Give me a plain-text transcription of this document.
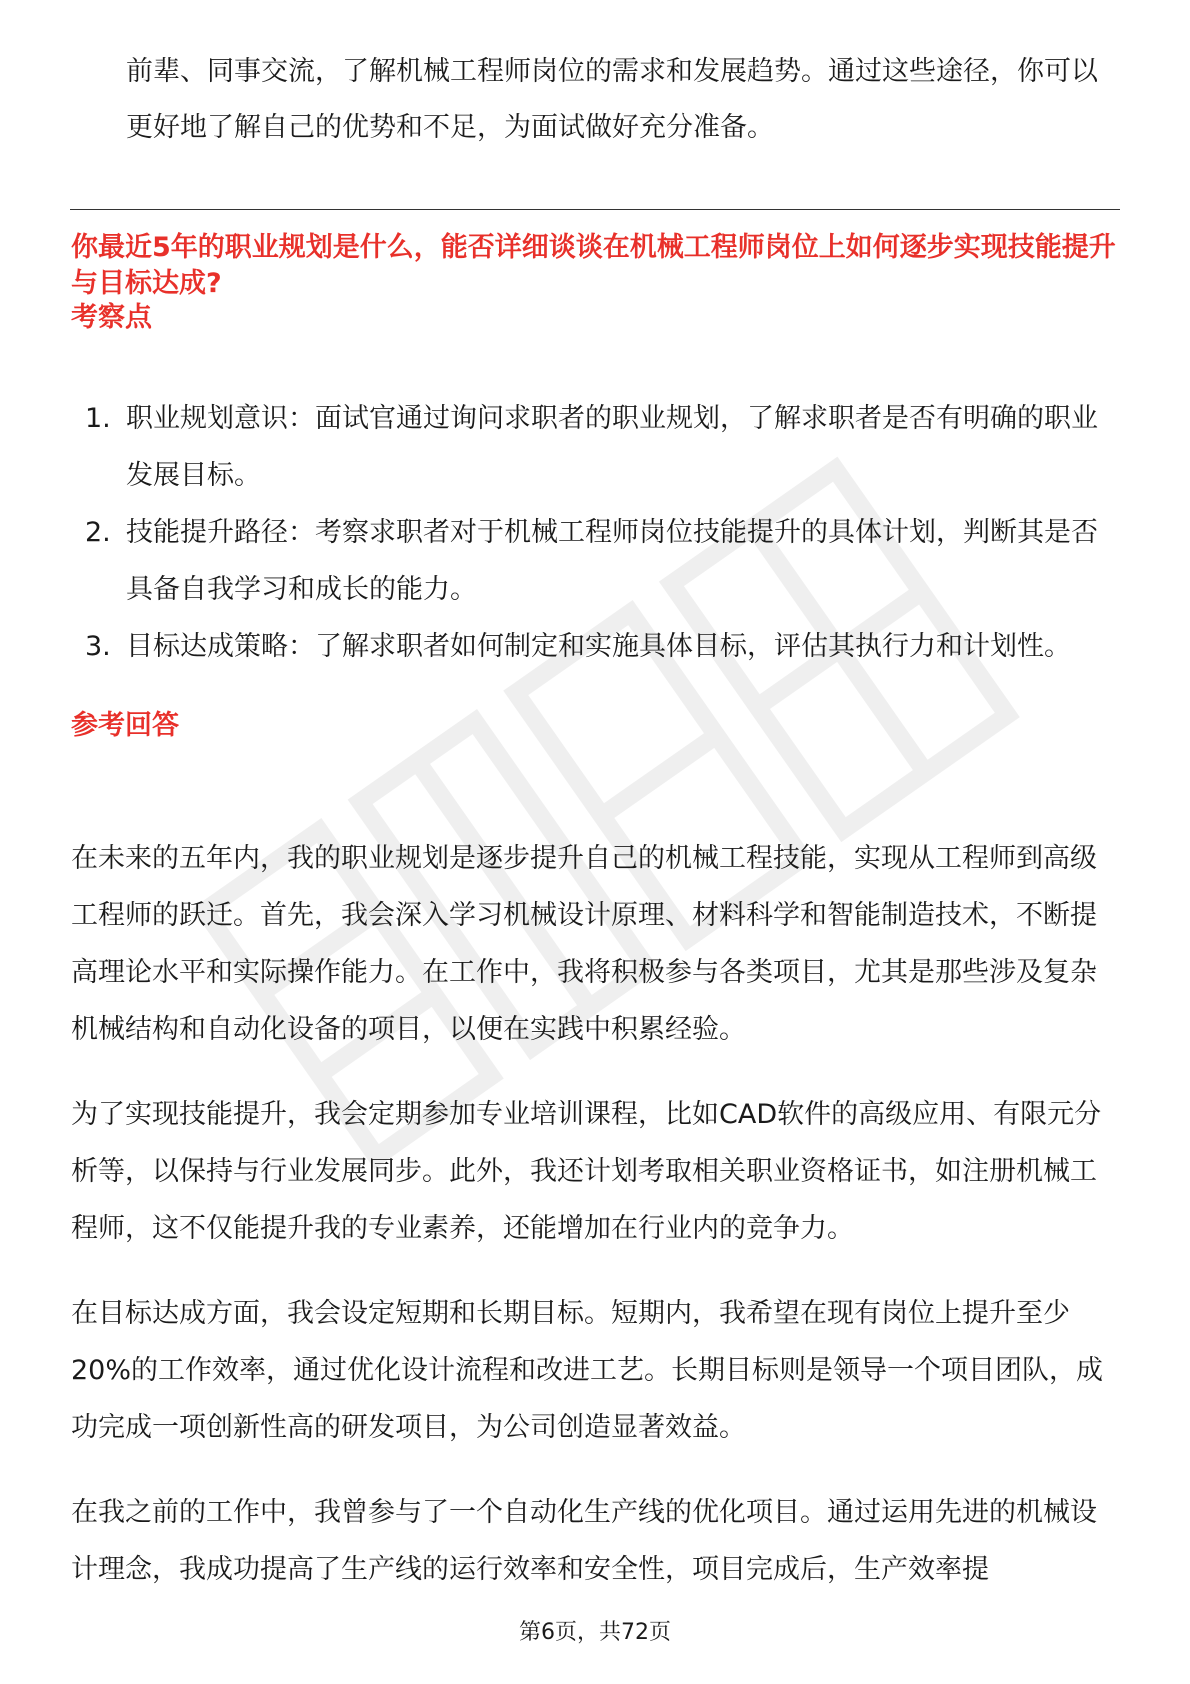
前辈、同事交流，了解机械工程师岗位的需求和发展趋势。通过这些途径，你可以更好地了解自己的优势和不足，为面试做好充分准备。

你最近5年的职业规划是什么，能否详细谈谈在机械工程师岗位上如何逐步实现技能提升与目标达成?
考察点
1. 职业规划意识：面试官通过询问求职者的职业规划，了解求职者是否有明确的职业发展目标。
2. 技能提升路径：考察求职者对于机械工程师岗位技能提升的具体计划，判断其是否具备自我学习和成长的能力。
3. 目标达成策略：了解求职者如何制定和实施具体目标，评估其执行力和计划性。
参考回答

在未来的五年内，我的职业规划是逐步提升自己的机械工程技能，实现从工程师到高级工程师的跃迁。首先，我会深入学习机械设计原理、材料科学和智能制造技术，不断提高理论水平和实际操作能力。在工作中，我将积极参与各类项目，尤其是那些涉及复杂机械结构和自动化设备的项目，以便在实践中积累经验。

为了实现技能提升，我会定期参加专业培训课程，比如CAD软件的高级应用、有限元分析等，以保持与行业发展同步。此外，我还计划考取相关职业资格证书，如注册机械工程师，这不仅能提升我的专业素养，还能增加在行业内的竞争力。

在目标达成方面，我会设定短期和长期目标。短期内，我希望在现有岗位上提升至少20%的工作效率，通过优化设计流程和改进工艺。长期目标则是领导一个项目团队，成功完成一项创新性高的研发项目，为公司创造显著效益。

在我之前的工作中，我曾参与了一个自动化生产线的优化项目。通过运用先进的机械设计理念，我成功提高了生产线的运行效率和安全性，项目完成后，生产效率提

第6页，共72页
